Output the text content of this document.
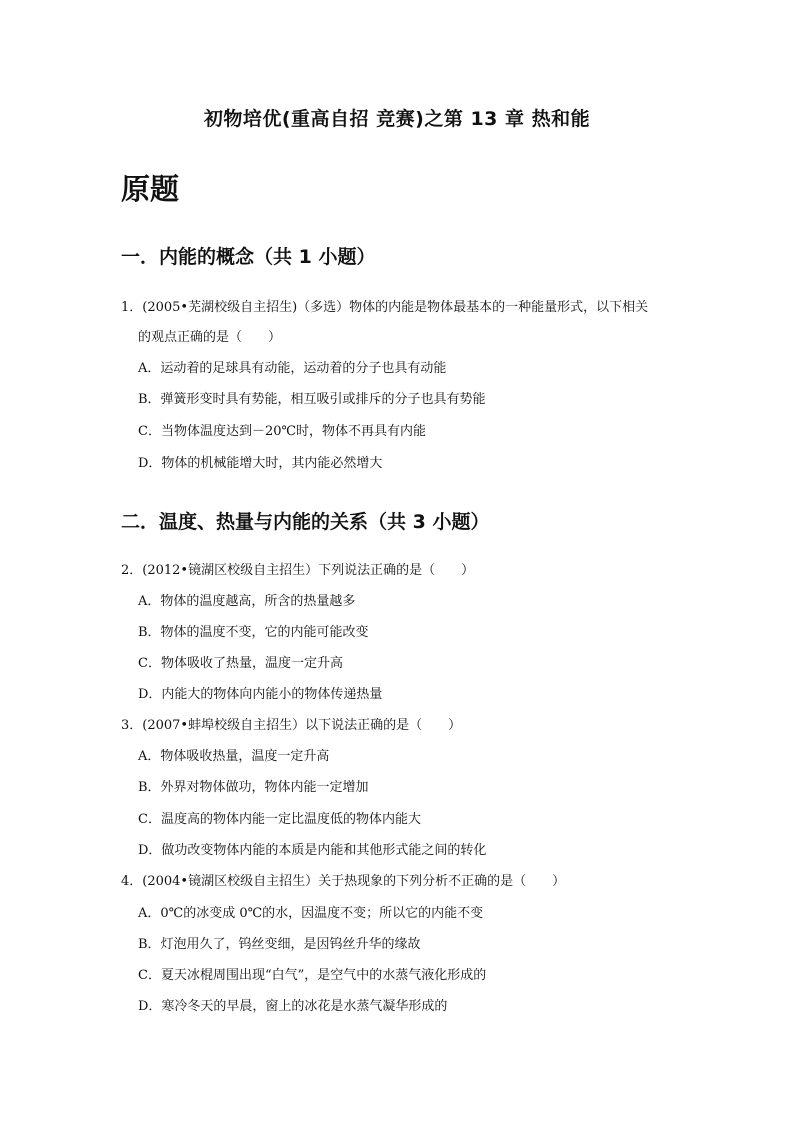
初物培优(重高自招 竞赛)之第 13 章 热和能
原题
一．内能的概念（共 1 小题）
1．(2005•芜湖校级自主招生)（多选）物体的内能是物体最基本的一种能量形式，以下相关
的观点正确的是（　　）
A．运动着的足球具有动能，运动着的分子也具有动能
B．弹簧形变时具有势能，相互吸引或排斥的分子也具有势能
C．当物体温度达到－20℃时，物体不再具有内能
D．物体的机械能增大时，其内能必然增大
二．温度、热量与内能的关系（共 3 小题）
2．(2012•镜湖区校级自主招生）下列说法正确的是（　　）
A．物体的温度越高，所含的热量越多
B．物体的温度不变，它的内能可能改变
C．物体吸收了热量，温度一定升高
D．内能大的物体向内能小的物体传递热量
3．(2007•蚌埠校级自主招生）以下说法正确的是（　　）
A．物体吸收热量，温度一定升高
B．外界对物体做功，物体内能一定增加
C．温度高的物体内能一定比温度低的物体内能大
D．做功改变物体内能的本质是内能和其他形式能之间的转化
4．(2004•镜湖区校级自主招生）关于热现象的下列分析不正确的是（　　）
A．0℃的冰变成 0℃的水，因温度不变；所以它的内能不变
B．灯泡用久了，钨丝变细，是因钨丝升华的缘故
C．夏天冰棍周围出现“白气”，是空气中的水蒸气液化形成的
D．寒冷冬天的早晨，窗上的冰花是水蒸气凝华形成的
